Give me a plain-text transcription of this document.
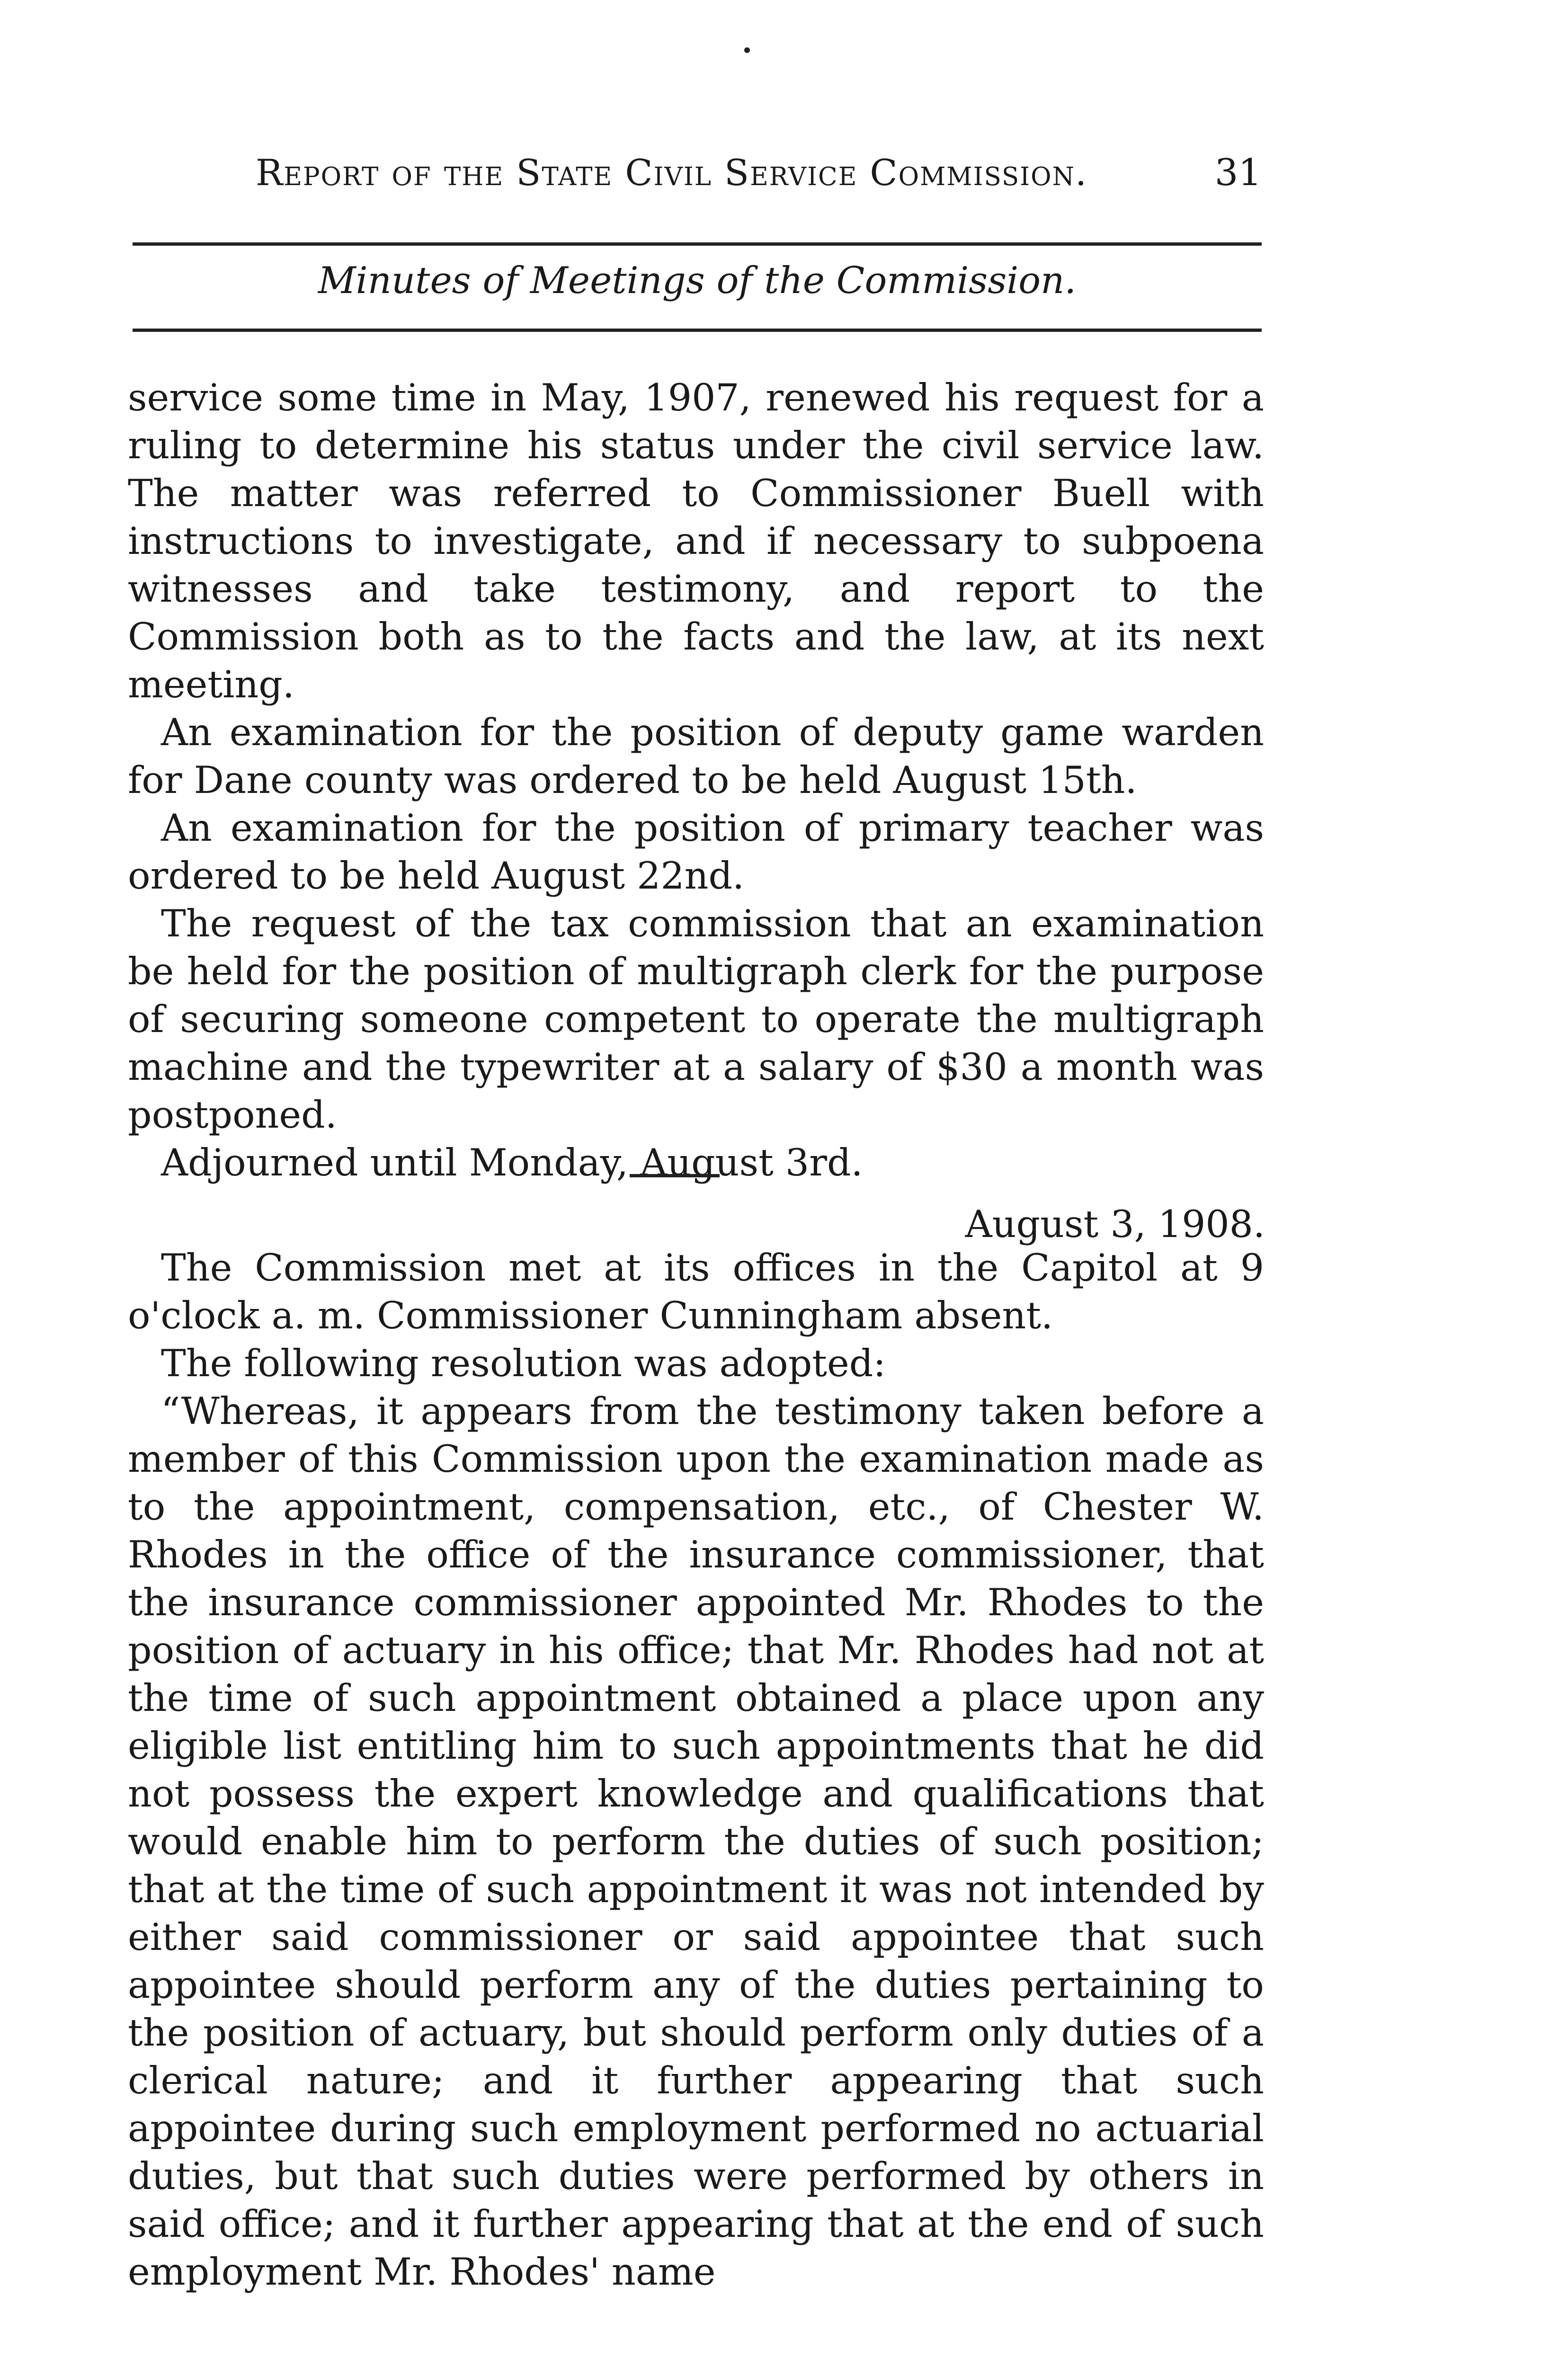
Report of the State Civil Service Commission.	31
Minutes of Meetings of the Commission.

service some time in May, 1907, renewed his request for a ruling to determine his status under the civil service law. The matter was referred to Commissioner Buell with instructions to investigate, and if necessary to subpoena witnesses and take testimony, and report to the Commission both as to the facts and the law, at its next meeting.

An examination for the position of deputy game warden for Dane county was ordered to be held August 15th.

An examination for the position of primary teacher was ordered to be held August 22nd.

The request of the tax commission that an examination be held for the position of multigraph clerk for the purpose of securing someone competent to operate the multigraph machine and the typewriter at a salary of $30 a month was postponed.

Adjourned until Monday, August 3rd.

August 3, 1908.

The Commission met at its offices in the Capitol at 9 o'clock a. m. Commissioner Cunningham absent.

The following resolution was adopted:

“Whereas, it appears from the testimony taken before a member of this Commission upon the examination made as to the appointment, compensation, etc., of Chester W. Rhodes in the office of the insurance commissioner, that the insurance commissioner appointed Mr. Rhodes to the position of actuary in his office; that Mr. Rhodes had not at the time of such appointment obtained a place upon any eligible list entitling him to such appointments that he did not possess the expert knowledge and qualifications that would enable him to perform the duties of such position; that at the time of such appointment it was not intended by either said commissioner or said appointee that such appointee should perform any of the duties pertaining to the position of actuary, but should perform only duties of a clerical nature; and it further appearing that such appointee during such employment performed no actuarial duties, but that such duties were performed by others in said office; and it further appearing that at the end of such employment Mr. Rhodes' name
